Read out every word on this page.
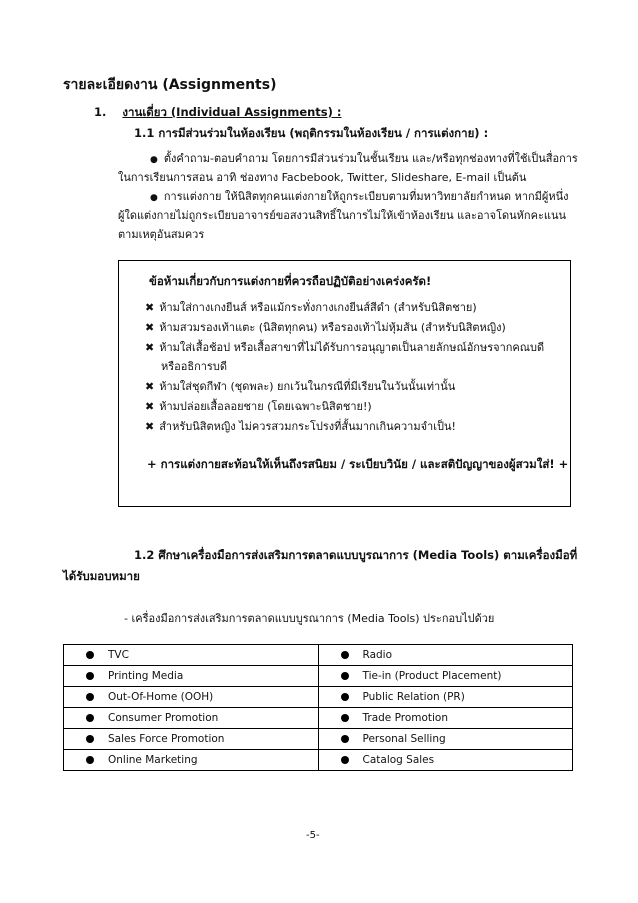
รายละเอียดงาน (Assignments)
1. งานเดี่ยว (Individual Assignments) :
1.1 การมีส่วนร่วมในห้องเรียน (พฤติกรรมในห้องเรียน / การแต่งกาย) :
● ตั้งคำถาม-ตอบคำถาม โดยการมีส่วนร่วมในชั้นเรียน และ/หรือทุกช่องทางที่ใช้เป็นสื่อการ
ในการเรียนการสอน อาทิ ช่องทาง Facbebook, Twitter, Slideshare, E-mail เป็นต้น
● การแต่งกาย ให้นิสิตทุกคนแต่งกายให้ถูกระเบียบตามที่มหาวิทยาลัยกำหนด หากมีผู้หนึ่ง
ผู้ใดแต่งกายไม่ถูกระเบียบอาจารย์ขอสงวนสิทธิ์ในการไม่ให้เข้าห้องเรียน และอาจโดนหักคะแนน
ตามเหตุอันสมควร
ข้อห้ามเกี่ยวกับการแต่งกายที่ควรถือปฏิบัติอย่างเคร่งครัด!
✖ ห้ามใส่กางเกงยีนส์ หรือแม้กระทั่งกางเกงยีนส์สีดำ (สำหรับนิสิตชาย)
✖ ห้ามสวมรองเท้าแตะ (นิสิตทุกคน) หรือรองเท้าไม่หุ้มส้น (สำหรับนิสิตหญิง)
✖ ห้ามใส่เสื้อช้อป หรือเสื้อสาขาที่ไม่ได้รับการอนุญาตเป็นลายลักษณ์อักษรจากคณบดี
หรืออธิการบดี
✖ ห้ามใส่ชุดกีฬา (ชุดพละ) ยกเว้นในกรณีที่มีเรียนในวันนั้นเท่านั้น
✖ ห้ามปล่อยเสื้อลอยชาย (โดยเฉพาะนิสิตชาย!)
✖ สำหรับนิสิตหญิง ไม่ควรสวมกระโปรงที่สั้นมากเกินความจำเป็น!
+ การแต่งกายสะท้อนให้เห็นถึงรสนิยม / ระเบียบวินัย / และสติปัญญาของผู้สวมใส่! +
1.2 ศึกษาเครื่องมือการส่งเสริมการตลาดแบบบูรณาการ (Media Tools) ตามเครื่องมือที่
ได้รับมอบหมาย
- เครื่องมือการส่งเสริมการตลาดแบบบูรณาการ (Media Tools) ประกอบไปด้วย
TVC	Radio
Printing Media	Tie-in (Product Placement)
Out-Of-Home (OOH)	Public Relation (PR)
Consumer Promotion	Trade Promotion
Sales Force Promotion	Personal Selling
Online Marketing	Catalog Sales
-5-
